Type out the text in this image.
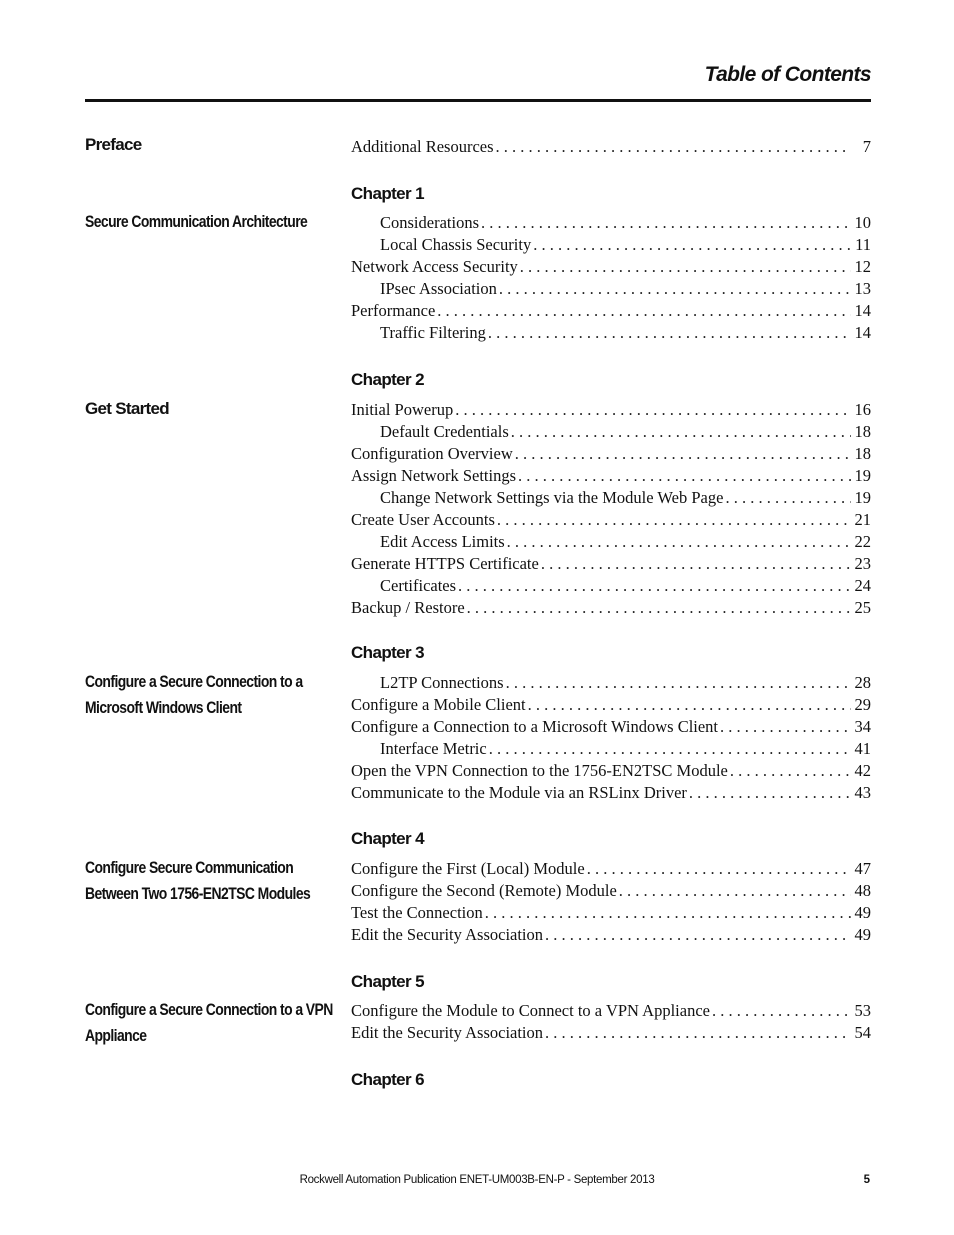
Table of Contents
Preface	Additional Resources . . .	7
Chapter 1
Secure Communication Architecture	Considerations . . .	10
Local Chassis Security . . .	11
Network Access Security . . .	12
IPsec Association . . .	13
Performance . . .	14
Traffic Filtering . . .	14
Chapter 2
Get Started	Initial Powerup . . .	16
Default Credentials . . .	18
Configuration Overview . . .	18
Assign Network Settings . . .	19
Change Network Settings via the Module Web Page . . .	19
Create User Accounts . . .	21
Edit Access Limits . . .	22
Generate HTTPS Certificate . . .	23
Certificates . . .	24
Backup / Restore . . .	25
Chapter 3
Configure a Secure Connection to a Microsoft Windows Client
L2TP Connections . . .	28
Configure a Mobile Client . . .	29
Configure a Connection to a Microsoft Windows Client . . .	34
Interface Metric . . .	41
Open the VPN Connection to the 1756-EN2TSC Module . . .	42
Communicate to the Module via an RSLinx Driver . . .	43
Chapter 4
Configure Secure Communication Between Two 1756-EN2TSC Modules
Configure the First (Local) Module . . .	47
Configure the Second (Remote) Module . . .	48
Test the Connection . . .	49
Edit the Security Association . . .	49
Chapter 5
Configure a Secure Connection to a VPN Appliance
Configure the Module to Connect to a VPN Appliance . . .	53
Edit the Security Association . . .	54
Chapter 6
Rockwell Automation Publication ENET-UM003B-EN-P - September 2013	5
